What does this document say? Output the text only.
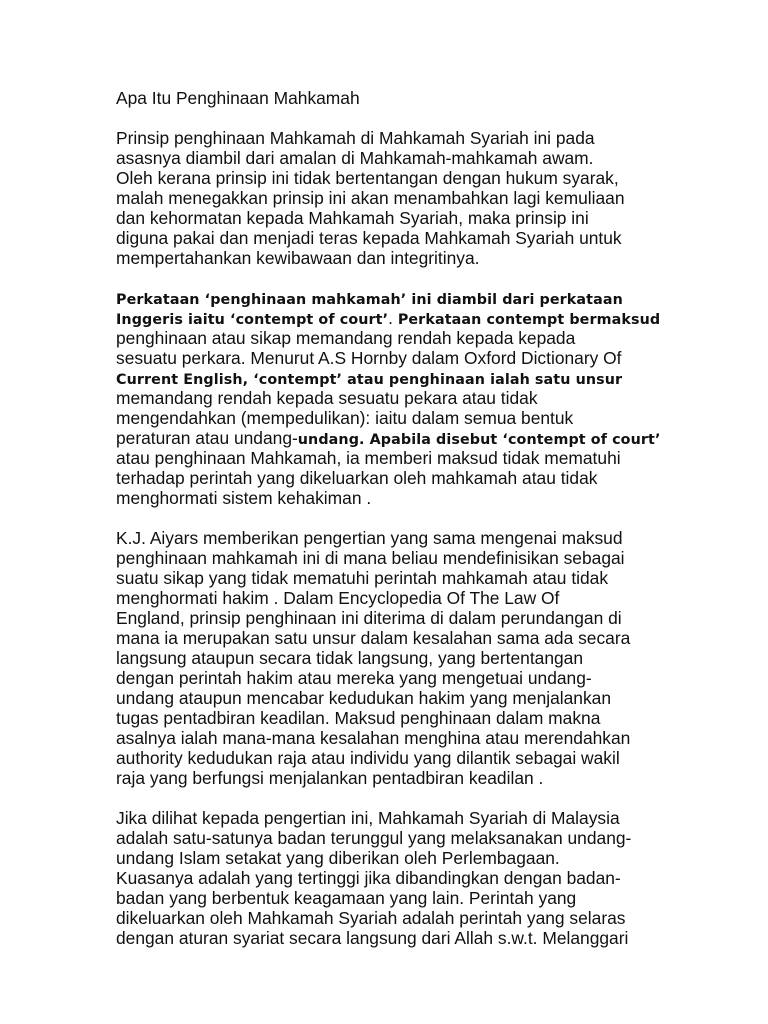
Apa Itu Penghinaan Mahkamah
Prinsip penghinaan Mahkamah di Mahkamah Syariah ini pada
asasnya diambil dari amalan di Mahkamah-mahkamah awam.
Oleh kerana prinsip ini tidak bertentangan dengan hukum syarak,
malah menegakkan prinsip ini akan menambahkan lagi kemuliaan
dan kehormatan kepada Mahkamah Syariah, maka prinsip ini
diguna pakai dan menjadi teras kepada Mahkamah Syariah untuk
mempertahankan kewibawaan dan integritinya.
Perkataan ‘penghinaan mahkamah’ ini diambil dari perkataan
Inggeris iaitu ‘contempt of court’. Perkataan contempt bermaksud
penghinaan atau sikap memandang rendah kepada kepada
sesuatu perkara. Menurut A.S Hornby dalam Oxford Dictionary Of
Current English, ‘contempt’ atau penghinaan ialah satu unsur
memandang rendah kepada sesuatu pekara atau tidak
mengendahkan (mempedulikan): iaitu dalam semua bentuk
peraturan atau undang-undang. Apabila disebut ‘contempt of court’
atau penghinaan Mahkamah, ia memberi maksud tidak mematuhi
terhadap perintah yang dikeluarkan oleh mahkamah atau tidak
menghormati sistem kehakiman .
K.J. Aiyars memberikan pengertian yang sama mengenai maksud
penghinaan mahkamah ini di mana beliau mendefinisikan sebagai
suatu sikap yang tidak mematuhi perintah mahkamah atau tidak
menghormati hakim . Dalam Encyclopedia Of The Law Of
England, prinsip penghinaan ini diterima di dalam perundangan di
mana ia merupakan satu unsur dalam kesalahan sama ada secara
langsung ataupun secara tidak langsung, yang bertentangan
dengan perintah hakim atau mereka yang mengetuai undang-
undang ataupun mencabar kedudukan hakim yang menjalankan
tugas pentadbiran keadilan. Maksud penghinaan dalam makna
asalnya ialah mana-mana kesalahan menghina atau merendahkan
authority kedudukan raja atau individu yang dilantik sebagai wakil
raja yang berfungsi menjalankan pentadbiran keadilan .
Jika dilihat kepada pengertian ini, Mahkamah Syariah di Malaysia
adalah satu-satunya badan terunggul yang melaksanakan undang-
undang Islam setakat yang diberikan oleh Perlembagaan.
Kuasanya adalah yang tertinggi jika dibandingkan dengan badan-
badan yang berbentuk keagamaan yang lain. Perintah yang
dikeluarkan oleh Mahkamah Syariah adalah perintah yang selaras
dengan aturan syariat secara langsung dari Allah s.w.t. Melanggari
